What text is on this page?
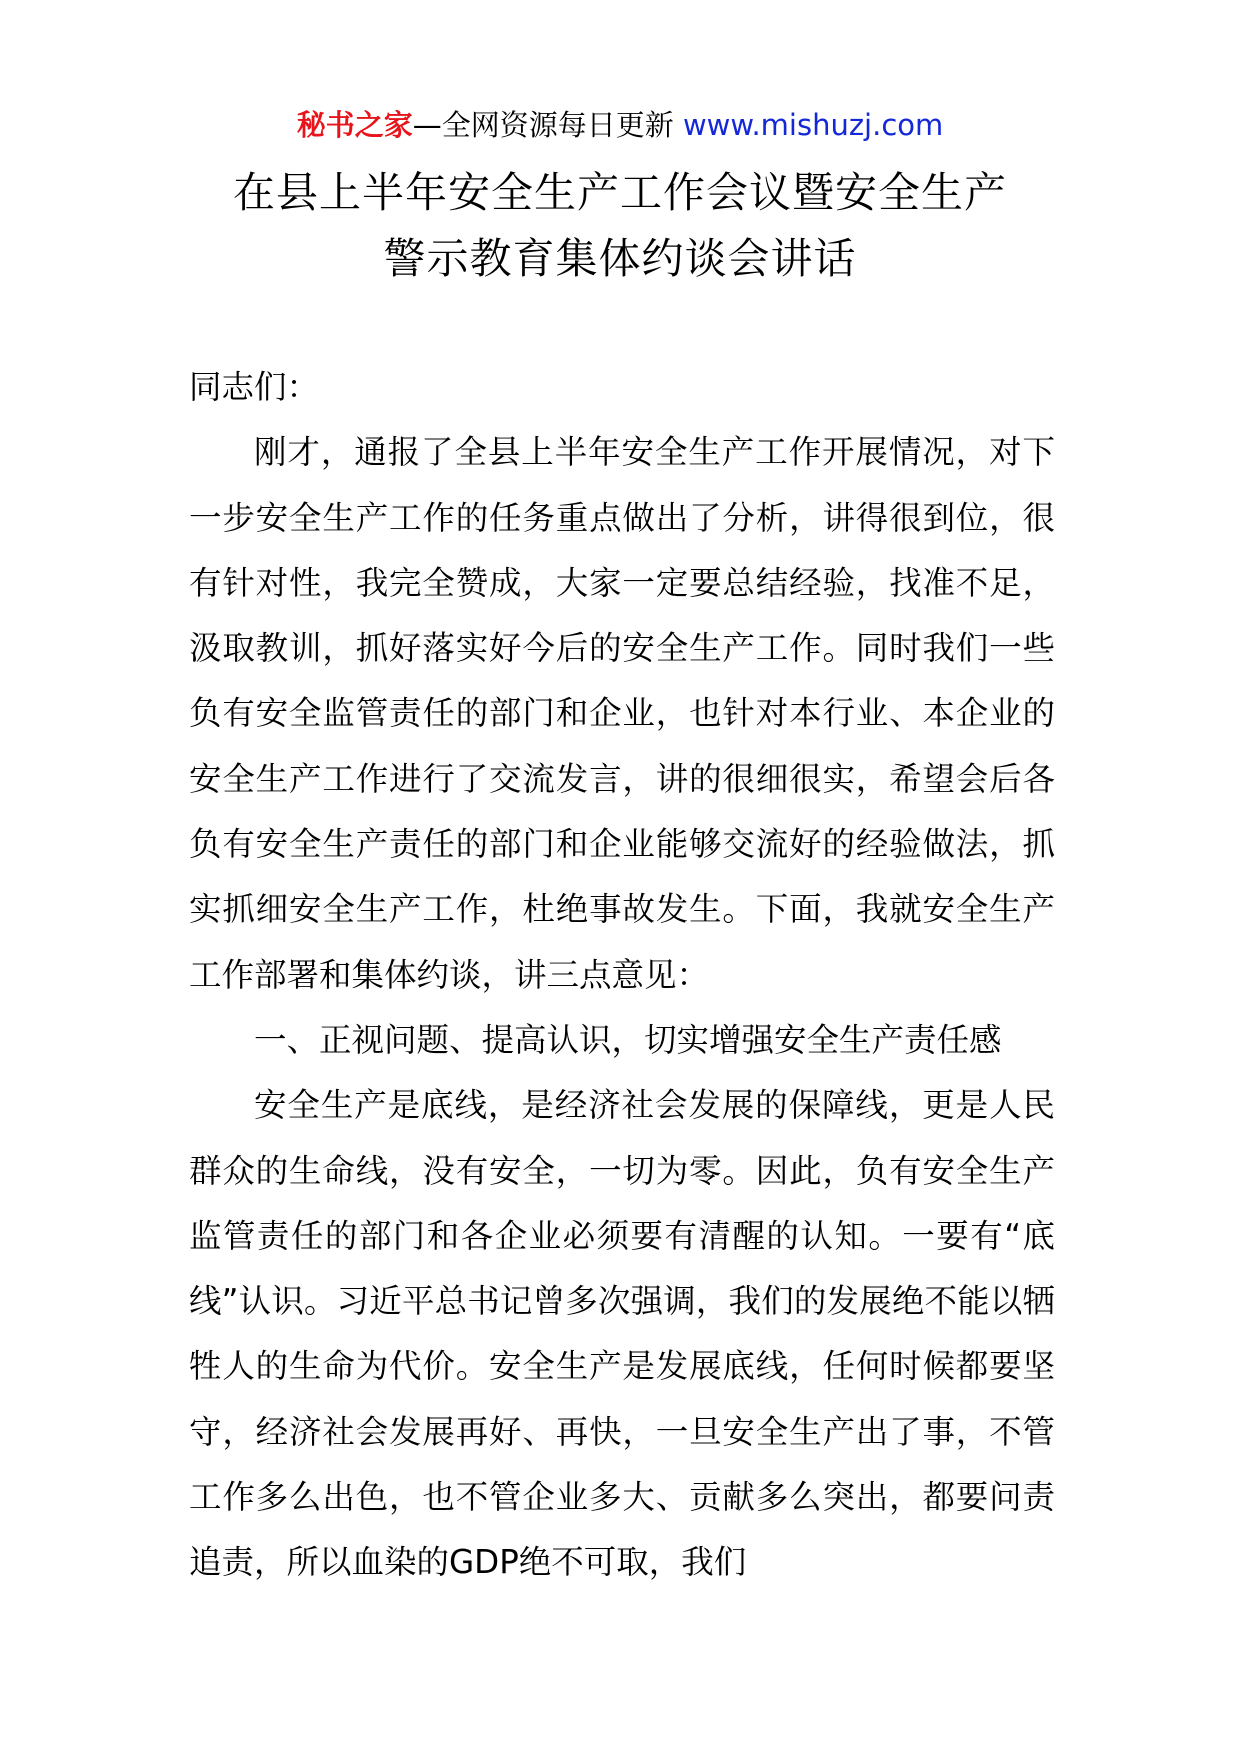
秘书之家—全网资源每日更新 www.mishuzj.com
在县上半年安全生产工作会议暨安全生产
警示教育集体约谈会讲话

同志们：

刚才，通报了全县上半年安全生产工作开展情况，对下一步安全生产工作的任务重点做出了分析，讲得很到位，很有针对性，我完全赞成，大家一定要总结经验，找准不足，汲取教训，抓好落实好今后的安全生产工作。同时我们一些负有安全监管责任的部门和企业，也针对本行业、本企业的安全生产工作进行了交流发言，讲的很细很实，希望会后各负有安全生产责任的部门和企业能够交流好的经验做法，抓实抓细安全生产工作，杜绝事故发生。下面，我就安全生产工作部署和集体约谈，讲三点意见：

一、正视问题、提高认识，切实增强安全生产责任感

安全生产是底线，是经济社会发展的保障线，更是人民群众的生命线，没有安全，一切为零。因此，负有安全生产监管责任的部门和各企业必须要有清醒的认知。一要有“底线”认识。习近平总书记曾多次强调，我们的发展绝不能以牺牲人的生命为代价。安全生产是发展底线，任何时候都要坚守，经济社会发展再好、再快，一旦安全生产出了事，不管工作多么出色，也不管企业多大、贡献多么突出，都要问责追责，所以血染的GDP绝不可取，我们
